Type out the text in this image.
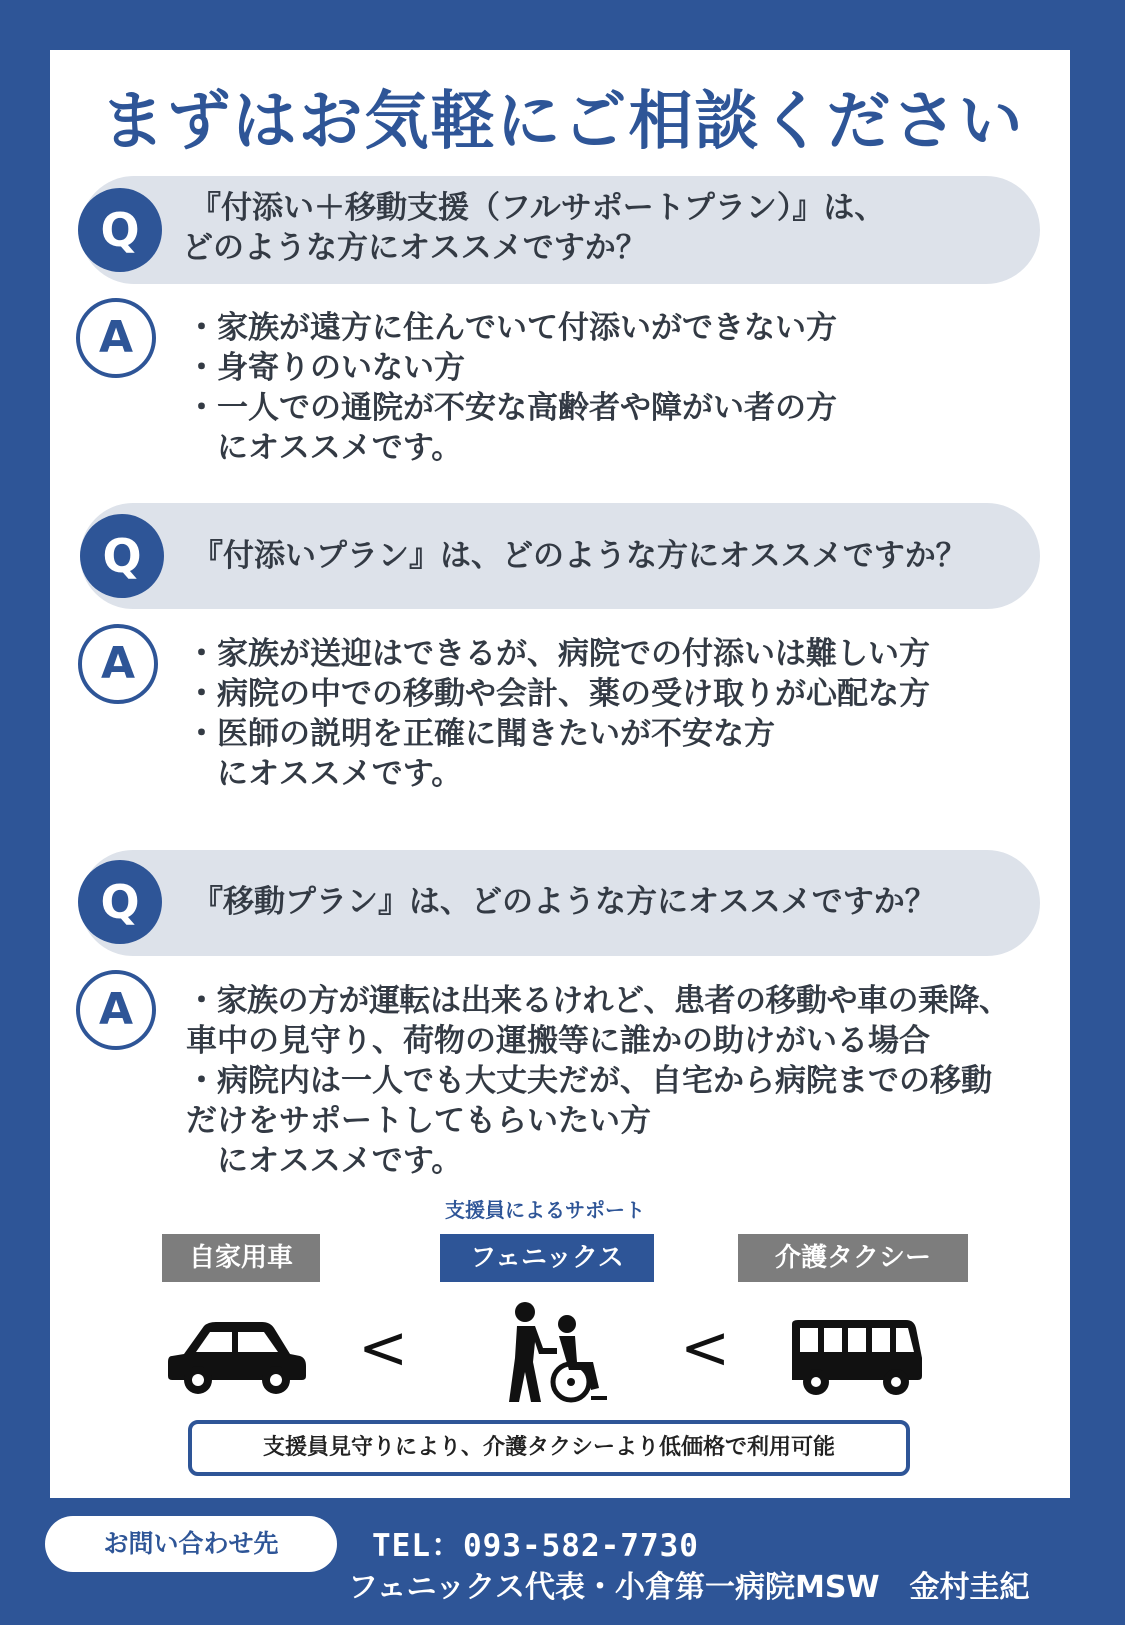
まずはお気軽にご相談ください
Q	『付添い＋移動支援（フルサポートプラン）』は、
どのような方にオススメですか？
A	・家族が遠方に住んでいて付添いができない方
・身寄りのいない方
・一人での通院が不安な高齢者や障がい者の方
　にオススメです。
Q	『付添いプラン』は、どのような方にオススメですか？
A	・家族が送迎はできるが、病院での付添いは難しい方
・病院の中での移動や会計、薬の受け取りが心配な方
・医師の説明を正確に聞きたいが不安な方
　にオススメです。
Q	『移動プラン』は、どのような方にオススメですか？
A	・家族の方が運転は出来るけれど、患者の移動や車の乗降、
車中の見守り、荷物の運搬等に誰かの助けがいる場合
・病院内は一人でも大丈夫だが、自宅から病院までの移動
だけをサポートしてもらいたい方
　にオススメです。
支援員によるサポート
自家用車	フェニックス	介護タクシー
<	<
支援員見守りにより、介護タクシーより低価格で利用可能
お問い合わせ先	TEL：093-582-7730
フェニックス代表・小倉第一病院MSW　金村圭紀
